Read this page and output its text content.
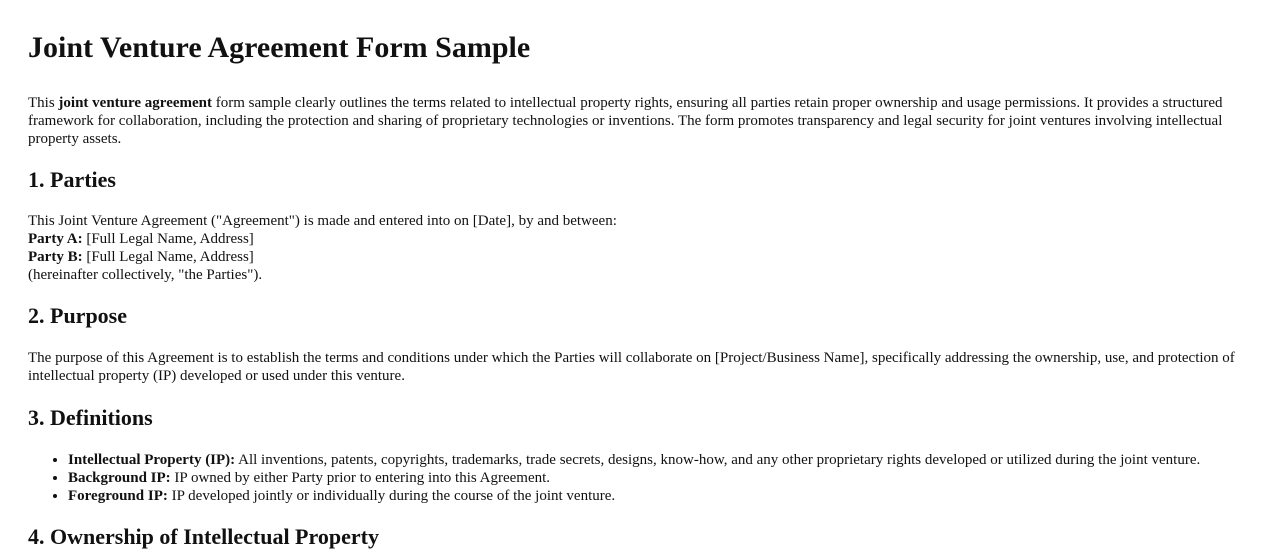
Joint Venture Agreement Form Sample

This joint venture agreement form sample clearly outlines the terms related to intellectual property rights, ensuring all parties retain proper ownership and usage permissions. It provides a structured framework for collaboration, including the protection and sharing of proprietary technologies or inventions. The form promotes transparency and legal security for joint ventures involving intellectual property assets.

1. Parties

This Joint Venture Agreement ("Agreement") is made and entered into on [Date], by and between:
Party A: [Full Legal Name, Address]
Party B: [Full Legal Name, Address]
(hereinafter collectively, "the Parties").

2. Purpose

The purpose of this Agreement is to establish the terms and conditions under which the Parties will collaborate on [Project/Business Name], specifically addressing the ownership, use, and protection of intellectual property (IP) developed or used under this venture.

3. Definitions
• Intellectual Property (IP): All inventions, patents, copyrights, trademarks, trade secrets, designs, know-how, and any other proprietary rights developed or utilized during the joint venture.
• Background IP: IP owned by either Party prior to entering into this Agreement.
• Foreground IP: IP developed jointly or individually during the course of the joint venture.
4. Ownership of Intellectual Property
